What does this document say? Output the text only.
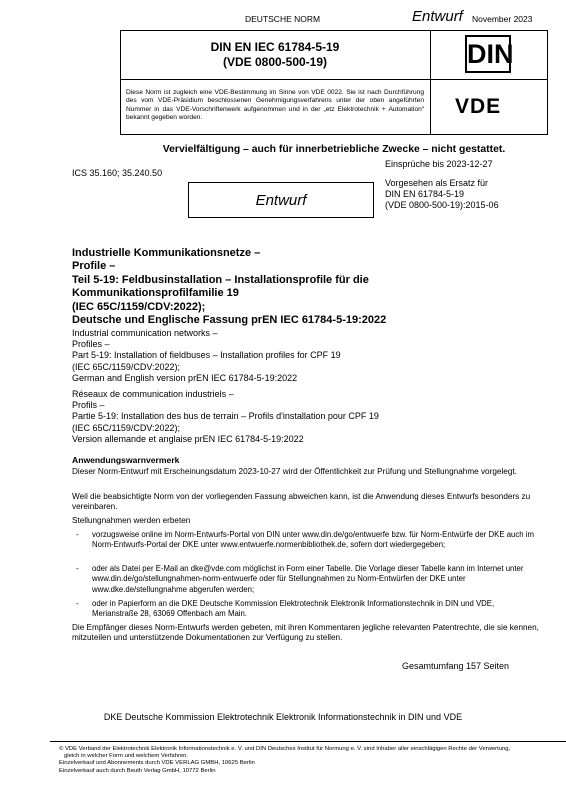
DEUTSCHE NORM	Entwurf November 2023
DIN EN IEC 61784-5-19
(VDE 0800-500-19)	DIN
Diese Norm ist zugleich eine VDE-Bestimmung im Sinne von VDE 0022. Sie ist nach Durchführung des vom VDE-Präsidium beschlossenen Genehmigungsverfahrens unter der oben angeführten Nummer in das VDE-Vorschriftenwerk aufgenommen und in der „etz Elektrotechnik + Automation“ bekannt gegeben worden.	VDE
Vervielfältigung – auch für innerbetriebliche Zwecke – nicht gestattet.
Einsprüche bis 2023-12-27
ICS 35.160; 35.240.50
Vorgesehen als Ersatz für
DIN EN 61784-5-19
(VDE 0800-500-19):2015-06
Entwurf
Industrielle Kommunikationsnetze –
Profile –
Teil 5-19: Feldbusinstallation – Installationsprofile für die
Kommunikationsprofilfamilie 19
(IEC 65C/1159/CDV:2022);
Deutsche und Englische Fassung prEN IEC 61784-5-19:2022
Industrial communication networks –
Profiles –
Part 5-19: Installation of fieldbuses – Installation profiles for CPF 19
(IEC 65C/1159/CDV:2022);
German and English version prEN IEC 61784-5-19:2022
Réseaux de communication industriels –
Profils –
Partie 5-19: Installation des bus de terrain – Profils d'installation pour CPF 19
(IEC 65C/1159/CDV:2022);
Version allemande et anglaise prEN IEC 61784-5-19:2022
Anwendungswarnvermerk
Dieser Norm-Entwurf mit Erscheinungsdatum 2023-10-27 wird der Öffentlichkeit zur Prüfung und Stellungnahme vorgelegt.
Weil die beabsichtigte Norm von der vorliegenden Fassung abweichen kann, ist die Anwendung dieses Entwurfs besonders zu vereinbaren.
Stellungnahmen werden erbeten
- vorzugsweise online im Norm-Entwurfs-Portal von DIN unter www.din.de/go/entwuerfe bzw. für Norm-Entwürfe der DKE auch im Norm-Entwurfs-Portal der DKE unter www.entwuerfe.normenbibliothek.de, sofern dort wiedergegeben;
- oder als Datei per E-Mail an dke@vde.com möglichst in Form einer Tabelle. Die Vorlage dieser Tabelle kann im Internet unter www.din.de/go/stellungnahmen-norm-entwuerfe oder für Stellungnahmen zu Norm-Entwürfen der DKE unter www.dke.de/stellungnahme abgerufen werden;
- oder in Papierform an die DKE Deutsche Kommission Elektrotechnik Elektronik Informationstechnik in DIN und VDE, Merianstraße 28, 63069 Offenbach am Main.
Die Empfänger dieses Norm-Entwurfs werden gebeten, mit ihren Kommentaren jegliche relevanten Patentrechte, die sie kennen, mitzuteilen und unterstützende Dokumentationen zur Verfügung zu stellen.
Gesamtumfang 157 Seiten
DKE Deutsche Kommission Elektrotechnik Elektronik Informationstechnik in DIN und VDE
© VDE Verband der Elektrotechnik Elektronik Informationstechnik e. V. und DIN Deutsches Institut für Normung e. V. sind Inhaber aller einschlägigen Rechte der Verwertung,
gleich in welcher Form und welchem Verfahren.
Einzelverkauf und Abonnements durch VDE VERLAG GMBH, 10625 Berlin
Einzelverkauf auch durch Beuth Verlag GmbH, 10772 Berlin
